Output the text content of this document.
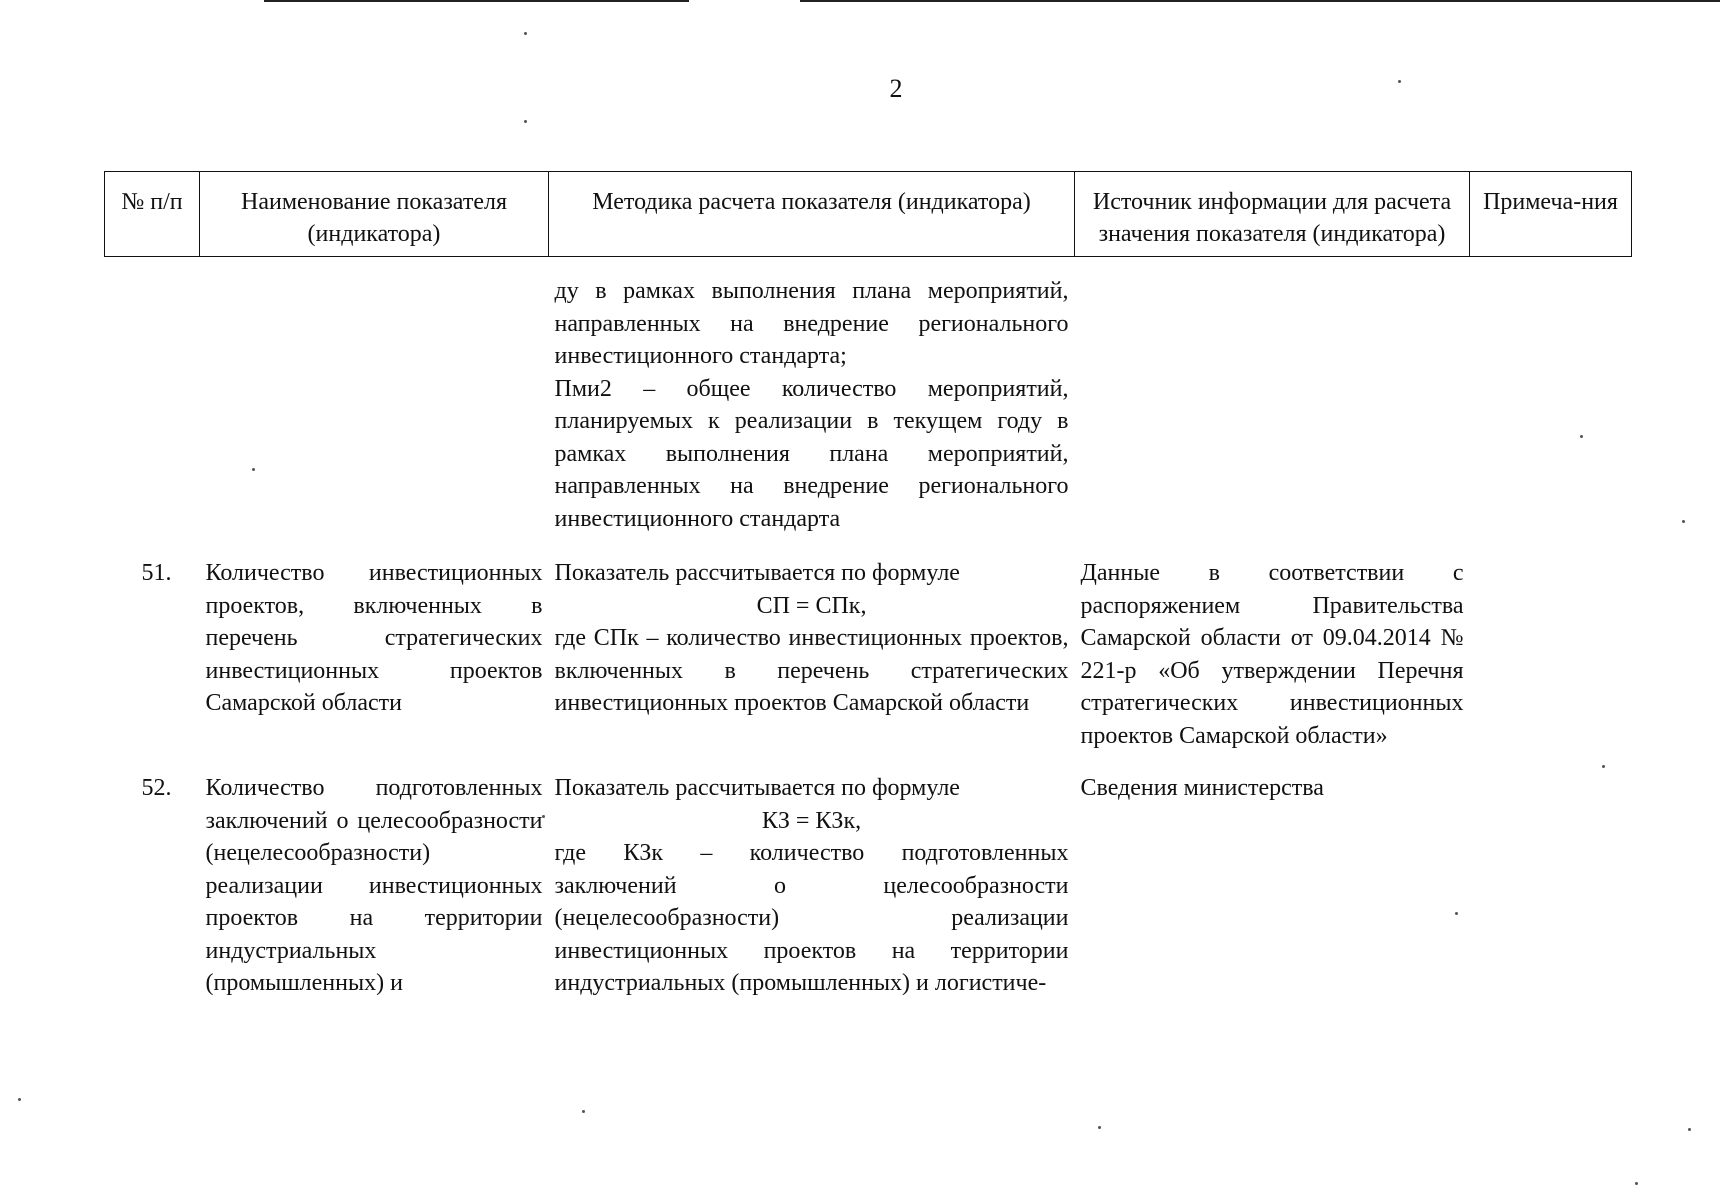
2
№ п/п	Наименование показателя (индикатора)	Методика расчета показателя (индикатора)	Источник информации для расчета значения показателя (индикатора)	Примеча-ния

		ду в рамках выполнения плана мероприятий, направленных на внедрение регионального инвестиционного стандарта;
Пми2 – общее количество мероприятий, планируемых к реализации в текущем году в рамках выполнения плана мероприятий, направленных на внедрение регионального инвестиционного стандарта		

51.	Количество инвестиционных проектов, включенных в перечень стратегических инвестиционных проектов Самарской области	Показатель рассчитывается по формуле
СП = СПк,
где СПк – количество инвестиционных проектов, включенных в перечень стратегических инвестиционных проектов Самарской области	Данные в соответствии с распоряжением Правительства Самарской области от 09.04.2014 № 221-р «Об утверждении Перечня стратегических инвестиционных проектов Самарской области»	
52.	Количество подготовленных заключений о целесообразности (нецелесообразности) реализации инвестиционных проектов на территории индустриальных (промышленных) и	Показатель рассчитывается по формуле
КЗ = КЗк,
где КЗк – количество подготовленных заключений о целесообразности (нецелесообразности) реализации инвестиционных проектов на территории индустриальных (промышленных) и логистиче-	Сведения министерства	
